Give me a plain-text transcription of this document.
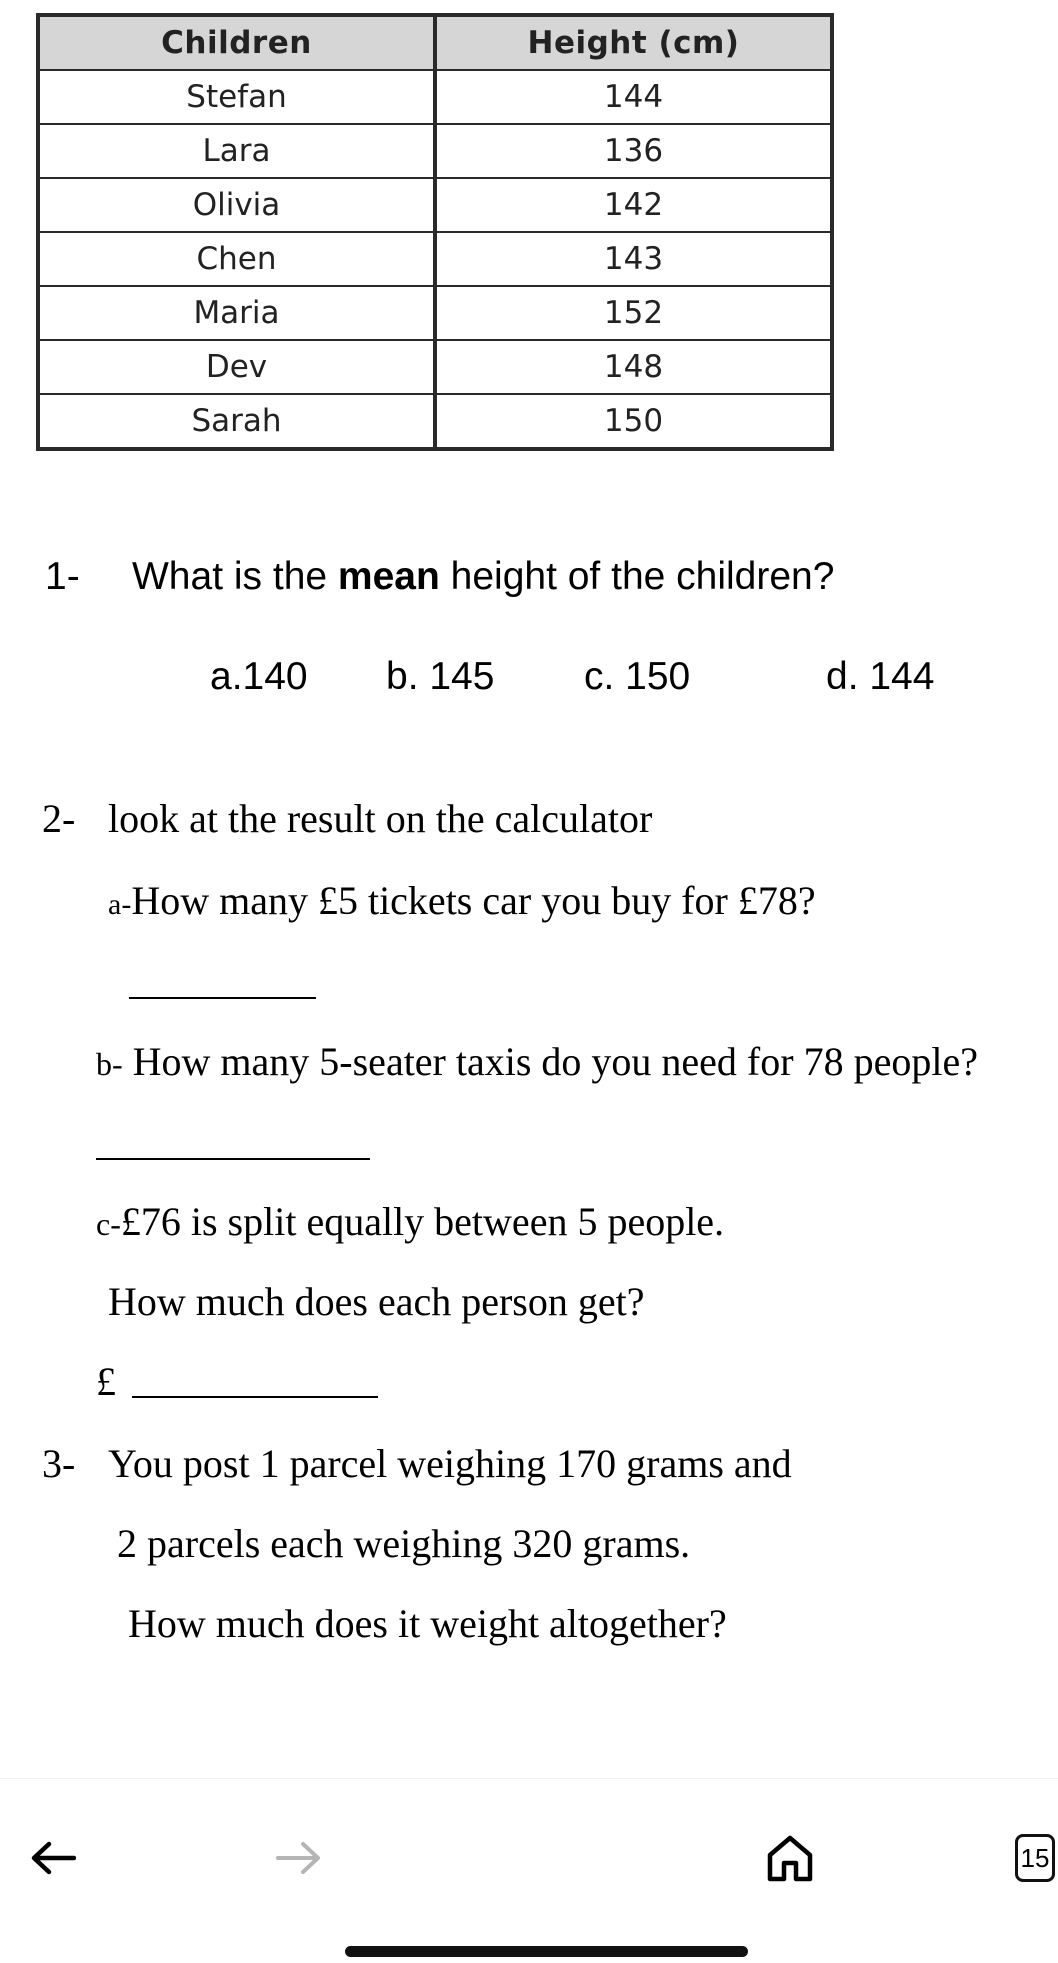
Children	Height (cm)
Stefan	144
Lara	136
Olivia	142
Chen	143
Maria	152
Dev	148
Sarah	150
1- What is the mean height of the children?
a.140 b. 145 c. 150	d. 144
2- look at the result on the calculator
a-How many £5 tickets car you buy for £78?
b- How many 5-seater taxis do you need for 78 people?
c-£76 is split equally between 5 people.
How much does each person get?
£
3- You post 1 parcel weighing 170 grams and
2 parcels each weighing 320 grams.
How much does it weight altogether?
15
